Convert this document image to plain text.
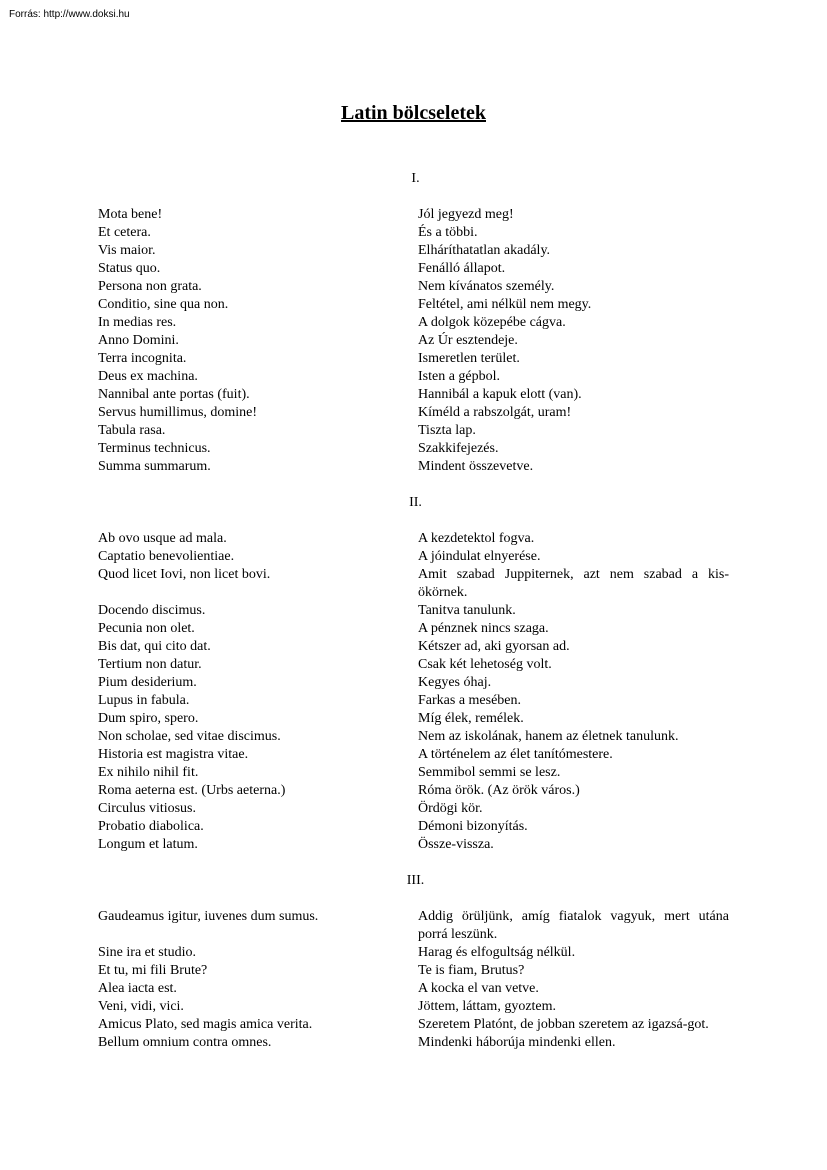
Forrás: http://www.doksi.hu
Latin bölcseletek
I.
Mota bene!	Jól jegyezd meg!
Et cetera.	És a többi.
Vis maior.	Elháríthatatlan akadály.
Status quo.	Fenálló állapot.
Persona non grata.	Nem kívánatos személy.
Conditio, sine qua non.	Feltétel, ami nélkül nem megy.
In medias res.	A dolgok közepébe cágva.
Anno Domini.	Az Úr esztendeje.
Terra incognita.	Ismeretlen terület.
Deus ex machina.	Isten a gépbol.
Nannibal ante portas (fuit).	Hannibál a kapuk elott (van).
Servus humillimus, domine!	Kíméld a rabszolgát, uram!
Tabula rasa.	Tiszta lap.
Terminus technicus.	Szakkifejezés.
Summa summarum.	Mindent összevetve.
II.
Ab ovo usque ad mala.	A kezdetektol fogva.
Captatio benevolientiae.	A jóindulat elnyerése.
Quod licet Iovi, non licet bovi.	Amit szabad Juppiternek, azt nem szabad a kis-ökörnek.
Docendo discimus.	Tanitva tanulunk.
Pecunia non olet.	A pénznek nincs szaga.
Bis dat, qui cito dat.	Kétszer ad, aki gyorsan ad.
Tertium non datur.	Csak két lehetoség volt.
Pium desiderium.	Kegyes óhaj.
Lupus in fabula.	Farkas a mesében.
Dum spiro, spero.	Míg élek, remélek.
Non scholae, sed vitae discimus.	Nem az iskolának, hanem az életnek tanulunk.
Historia est magistra vitae.	A történelem az élet tanítómestere.
Ex nihilo nihil fit.	Semmibol semmi se lesz.
Roma aeterna est. (Urbs aeterna.)	Róma örök. (Az örök város.)
Circulus vitiosus.	Ördögi kör.
Probatio diabolica.	Démoni bizonyítás.
Longum et latum.	Össze-vissza.
III.
Gaudeamus igitur, iuvenes dum sumus.	Addig örüljünk, amíg fiatalok vagyuk, mert utána porrá leszünk.
Sine ira et studio.	Harag és elfogultság nélkül.
Et tu, mi fili Brute?	Te is fiam, Brutus?
Alea iacta est.	A kocka el van vetve.
Veni, vidi, vici.	Jöttem, láttam, gyoztem.
Amicus Plato, sed magis amica verita.	Szeretem Platónt, de jobban szeretem az igazsá-got.
Bellum omnium contra omnes.	Mindenki háborúja mindenki ellen.
